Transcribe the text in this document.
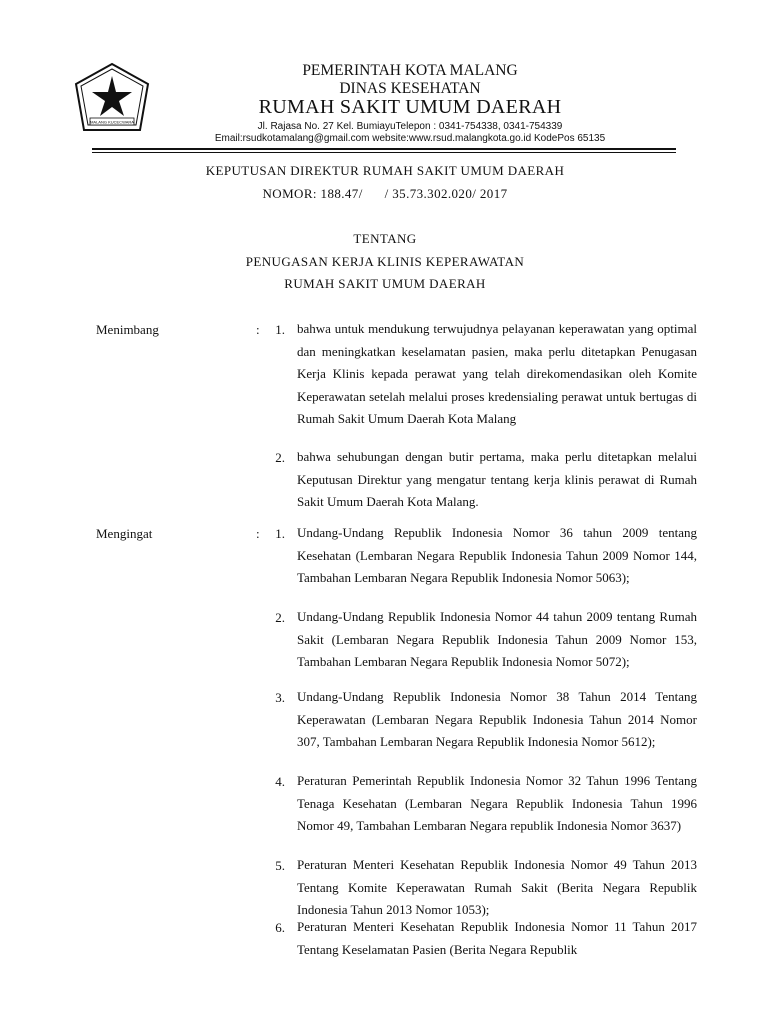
MALANG KUCECWARA
PEMERINTAH KOTA MALANG
DINAS KESEHATAN
RUMAH SAKIT UMUM DAERAH
Jl. Rajasa No. 27 Kel. BumiayuTelepon : 0341-754338, 0341-754339
Email:rsudkotamalang@gmail.com website:www.rsud.malangkota.go.id KodePos 65135
KEPUTUSAN DIREKTUR RUMAH SAKIT UMUM DAERAH
NOMOR: 188.47/      / 35.73.302.020/ 2017
TENTANG
PENUGASAN KERJA KLINIS KEPERAWATAN
RUMAH SAKIT UMUM DAERAH
Menimbang	:	1. bahwa untuk mendukung terwujudnya pelayanan keperawatan yang optimal dan meningkatkan keselamatan pasien, maka perlu ditetapkan Penugasan Kerja Klinis kepada perawat yang telah direkomendasikan oleh Komite Keperawatan setelah melalui proses kredensialing perawat untuk bertugas di Rumah Sakit Umum Daerah Kota Malang

2. bahwa sehubungan dengan butir pertama, maka perlu ditetapkan melalui Keputusan Direktur yang mengatur tentang kerja klinis perawat di Rumah Sakit Umum Daerah Kota Malang.

Mengingat	:	1. Undang-Undang Republik Indonesia Nomor 36 tahun 2009 tentang Kesehatan (Lembaran Negara Republik Indonesia Tahun 2009 Nomor 144, Tambahan Lembaran Negara Republik Indonesia Nomor 5063);

2. Undang-Undang Republik Indonesia Nomor 44 tahun 2009 tentang Rumah Sakit (Lembaran Negara Republik Indonesia Tahun 2009 Nomor 153, Tambahan Lembaran Negara Republik Indonesia Nomor 5072);

3. Undang-Undang Republik Indonesia Nomor 38 Tahun 2014 Tentang Keperawatan (Lembaran Negara Republik Indonesia Tahun 2014 Nomor 307, Tambahan Lembaran Negara Republik Indonesia Nomor 5612);

4. Peraturan Pemerintah Republik Indonesia Nomor 32 Tahun 1996 Tentang Tenaga Kesehatan (Lembaran Negara Republik Indonesia Tahun 1996 Nomor 49, Tambahan Lembaran Negara republik Indonesia Nomor 3637)

5. Peraturan Menteri Kesehatan Republik Indonesia Nomor 49 Tahun 2013 Tentang Komite Keperawatan Rumah Sakit (Berita Negara Republik Indonesia Tahun 2013 Nomor 1053);

6. Peraturan Menteri Kesehatan Republik Indonesia Nomor 11 Tahun 2017 Tentang Keselamatan Pasien (Berita Negara Republik
